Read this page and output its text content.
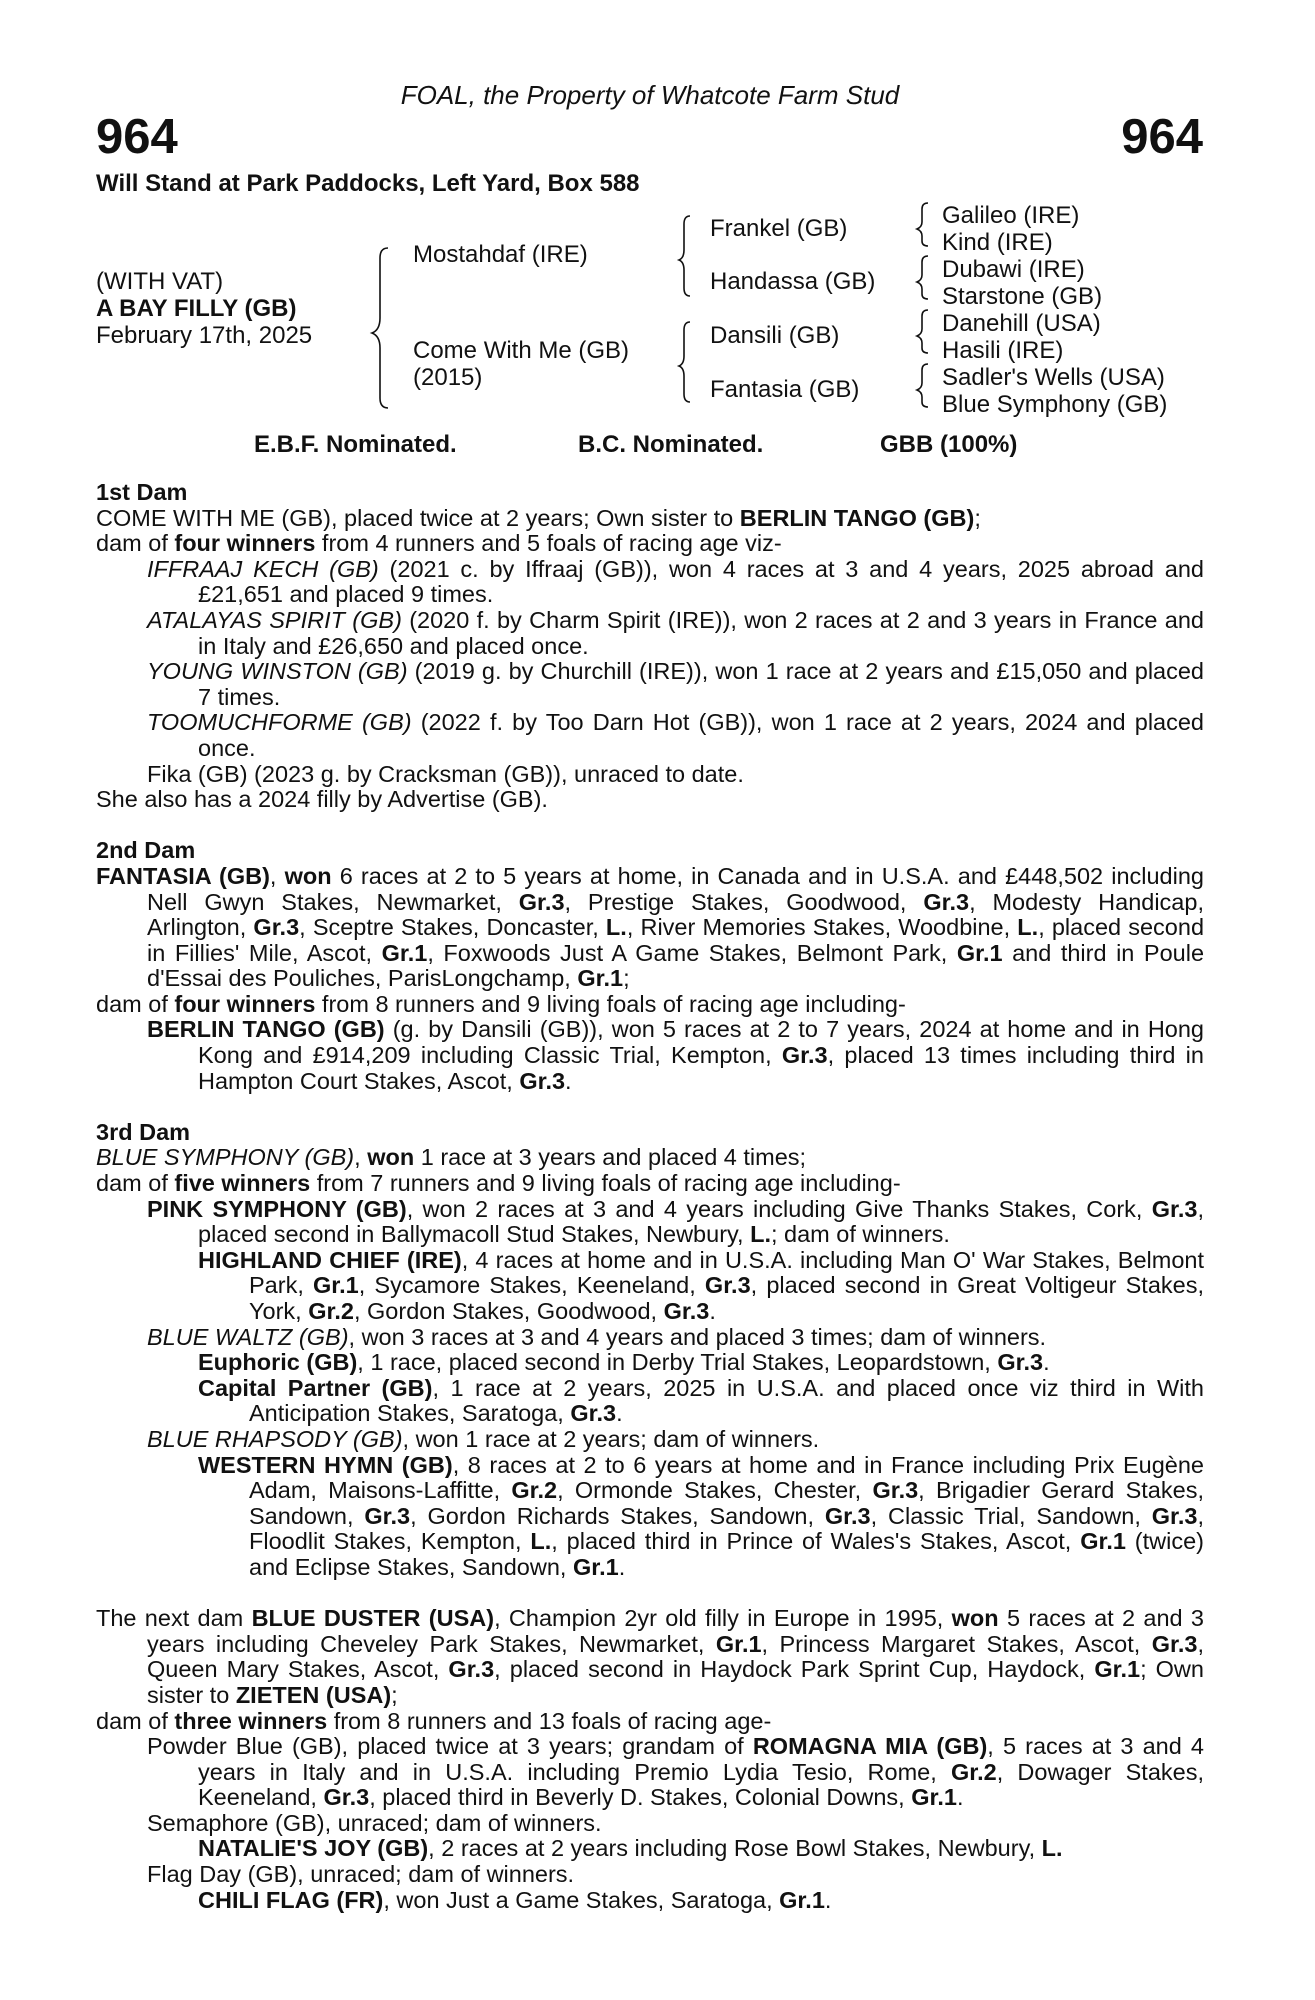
FOAL, the Property of Whatcote Farm Stud
964	964
Will Stand at Park Paddocks, Left Yard, Box 588
(WITH VAT)
A BAY FILLY (GB)
February 17th, 2025
Mostahdaf (IRE)
Come With Me (GB)
(2015)
Frankel (GB)
Handassa (GB)
Dansili (GB)
Fantasia (GB)
Galileo (IRE)
Kind (IRE)
Dubawi (IRE)
Starstone (GB)
Danehill (USA)
Hasili (IRE)
Sadler's Wells (USA)
Blue Symphony (GB)
E.B.F. Nominated.	B.C. Nominated.	GBB (100%)

1st Dam

COME WITH ME (GB), placed twice at 2 years; Own sister to BERLIN TANGO (GB);

dam of four winners from 4 runners and 5 foals of racing age viz-

IFFRAAJ KECH (GB) (2021 c. by Iffraaj (GB)), won 4 races at 3 and 4 years, 2025 abroad and £21,651 and placed 9 times.

ATALAYAS SPIRIT (GB) (2020 f. by Charm Spirit (IRE)), won 2 races at 2 and 3 years in France and in Italy and £26,650 and placed once.

YOUNG WINSTON (GB) (2019 g. by Churchill (IRE)), won 1 race at 2 years and £15,050 and placed 7 times.

TOOMUCHFORME (GB) (2022 f. by Too Darn Hot (GB)), won 1 race at 2 years, 2024 and placed once.

Fika (GB) (2023 g. by Cracksman (GB)), unraced to date.

She also has a 2024 filly by Advertise (GB).

2nd Dam

FANTASIA (GB), won 6 races at 2 to 5 years at home, in Canada and in U.S.A. and £448,502 including Nell Gwyn Stakes, Newmarket, Gr.3, Prestige Stakes, Goodwood, Gr.3, Modesty Handicap, Arlington, Gr.3, Sceptre Stakes, Doncaster, L., River Memories Stakes, Woodbine, L., placed second in Fillies' Mile, Ascot, Gr.1, Foxwoods Just A Game Stakes, Belmont Park, Gr.1 and third in Poule d'Essai des Pouliches, ParisLongchamp, Gr.1;

dam of four winners from 8 runners and 9 living foals of racing age including-

BERLIN TANGO (GB) (g. by Dansili (GB)), won 5 races at 2 to 7 years, 2024 at home and in Hong Kong and £914,209 including Classic Trial, Kempton, Gr.3, placed 13 times including third in Hampton Court Stakes, Ascot, Gr.3.

3rd Dam

BLUE SYMPHONY (GB), won 1 race at 3 years and placed 4 times;

dam of five winners from 7 runners and 9 living foals of racing age including-

PINK SYMPHONY (GB), won 2 races at 3 and 4 years including Give Thanks Stakes, Cork, Gr.3, placed second in Ballymacoll Stud Stakes, Newbury, L.; dam of winners.

HIGHLAND CHIEF (IRE), 4 races at home and in U.S.A. including Man O' War Stakes, Belmont Park, Gr.1, Sycamore Stakes, Keeneland, Gr.3, placed second in Great Voltigeur Stakes, York, Gr.2, Gordon Stakes, Goodwood, Gr.3.

BLUE WALTZ (GB), won 3 races at 3 and 4 years and placed 3 times; dam of winners.

Euphoric (GB), 1 race, placed second in Derby Trial Stakes, Leopardstown, Gr.3.

Capital Partner (GB), 1 race at 2 years, 2025 in U.S.A. and placed once viz third in With Anticipation Stakes, Saratoga, Gr.3.

BLUE RHAPSODY (GB), won 1 race at 2 years; dam of winners.

WESTERN HYMN (GB), 8 races at 2 to 6 years at home and in France including Prix Eugène Adam, Maisons-Laffitte, Gr.2, Ormonde Stakes, Chester, Gr.3, Brigadier Gerard Stakes, Sandown, Gr.3, Gordon Richards Stakes, Sandown, Gr.3, Classic Trial, Sandown, Gr.3, Floodlit Stakes, Kempton, L., placed third in Prince of Wales's Stakes, Ascot, Gr.1 (twice) and Eclipse Stakes, Sandown, Gr.1.

The next dam BLUE DUSTER (USA), Champion 2yr old filly in Europe in 1995, won 5 races at 2 and 3 years including Cheveley Park Stakes, Newmarket, Gr.1, Princess Margaret Stakes, Ascot, Gr.3, Queen Mary Stakes, Ascot, Gr.3, placed second in Haydock Park Sprint Cup, Haydock, Gr.1; Own sister to ZIETEN (USA);

dam of three winners from 8 runners and 13 foals of racing age-

Powder Blue (GB), placed twice at 3 years; grandam of ROMAGNA MIA (GB), 5 races at 3 and 4 years in Italy and in U.S.A. including Premio Lydia Tesio, Rome, Gr.2, Dowager Stakes, Keeneland, Gr.3, placed third in Beverly D. Stakes, Colonial Downs, Gr.1.

Semaphore (GB), unraced; dam of winners.

NATALIE'S JOY (GB), 2 races at 2 years including Rose Bowl Stakes, Newbury, L.

Flag Day (GB), unraced; dam of winners.

CHILI FLAG (FR), won Just a Game Stakes, Saratoga, Gr.1.
